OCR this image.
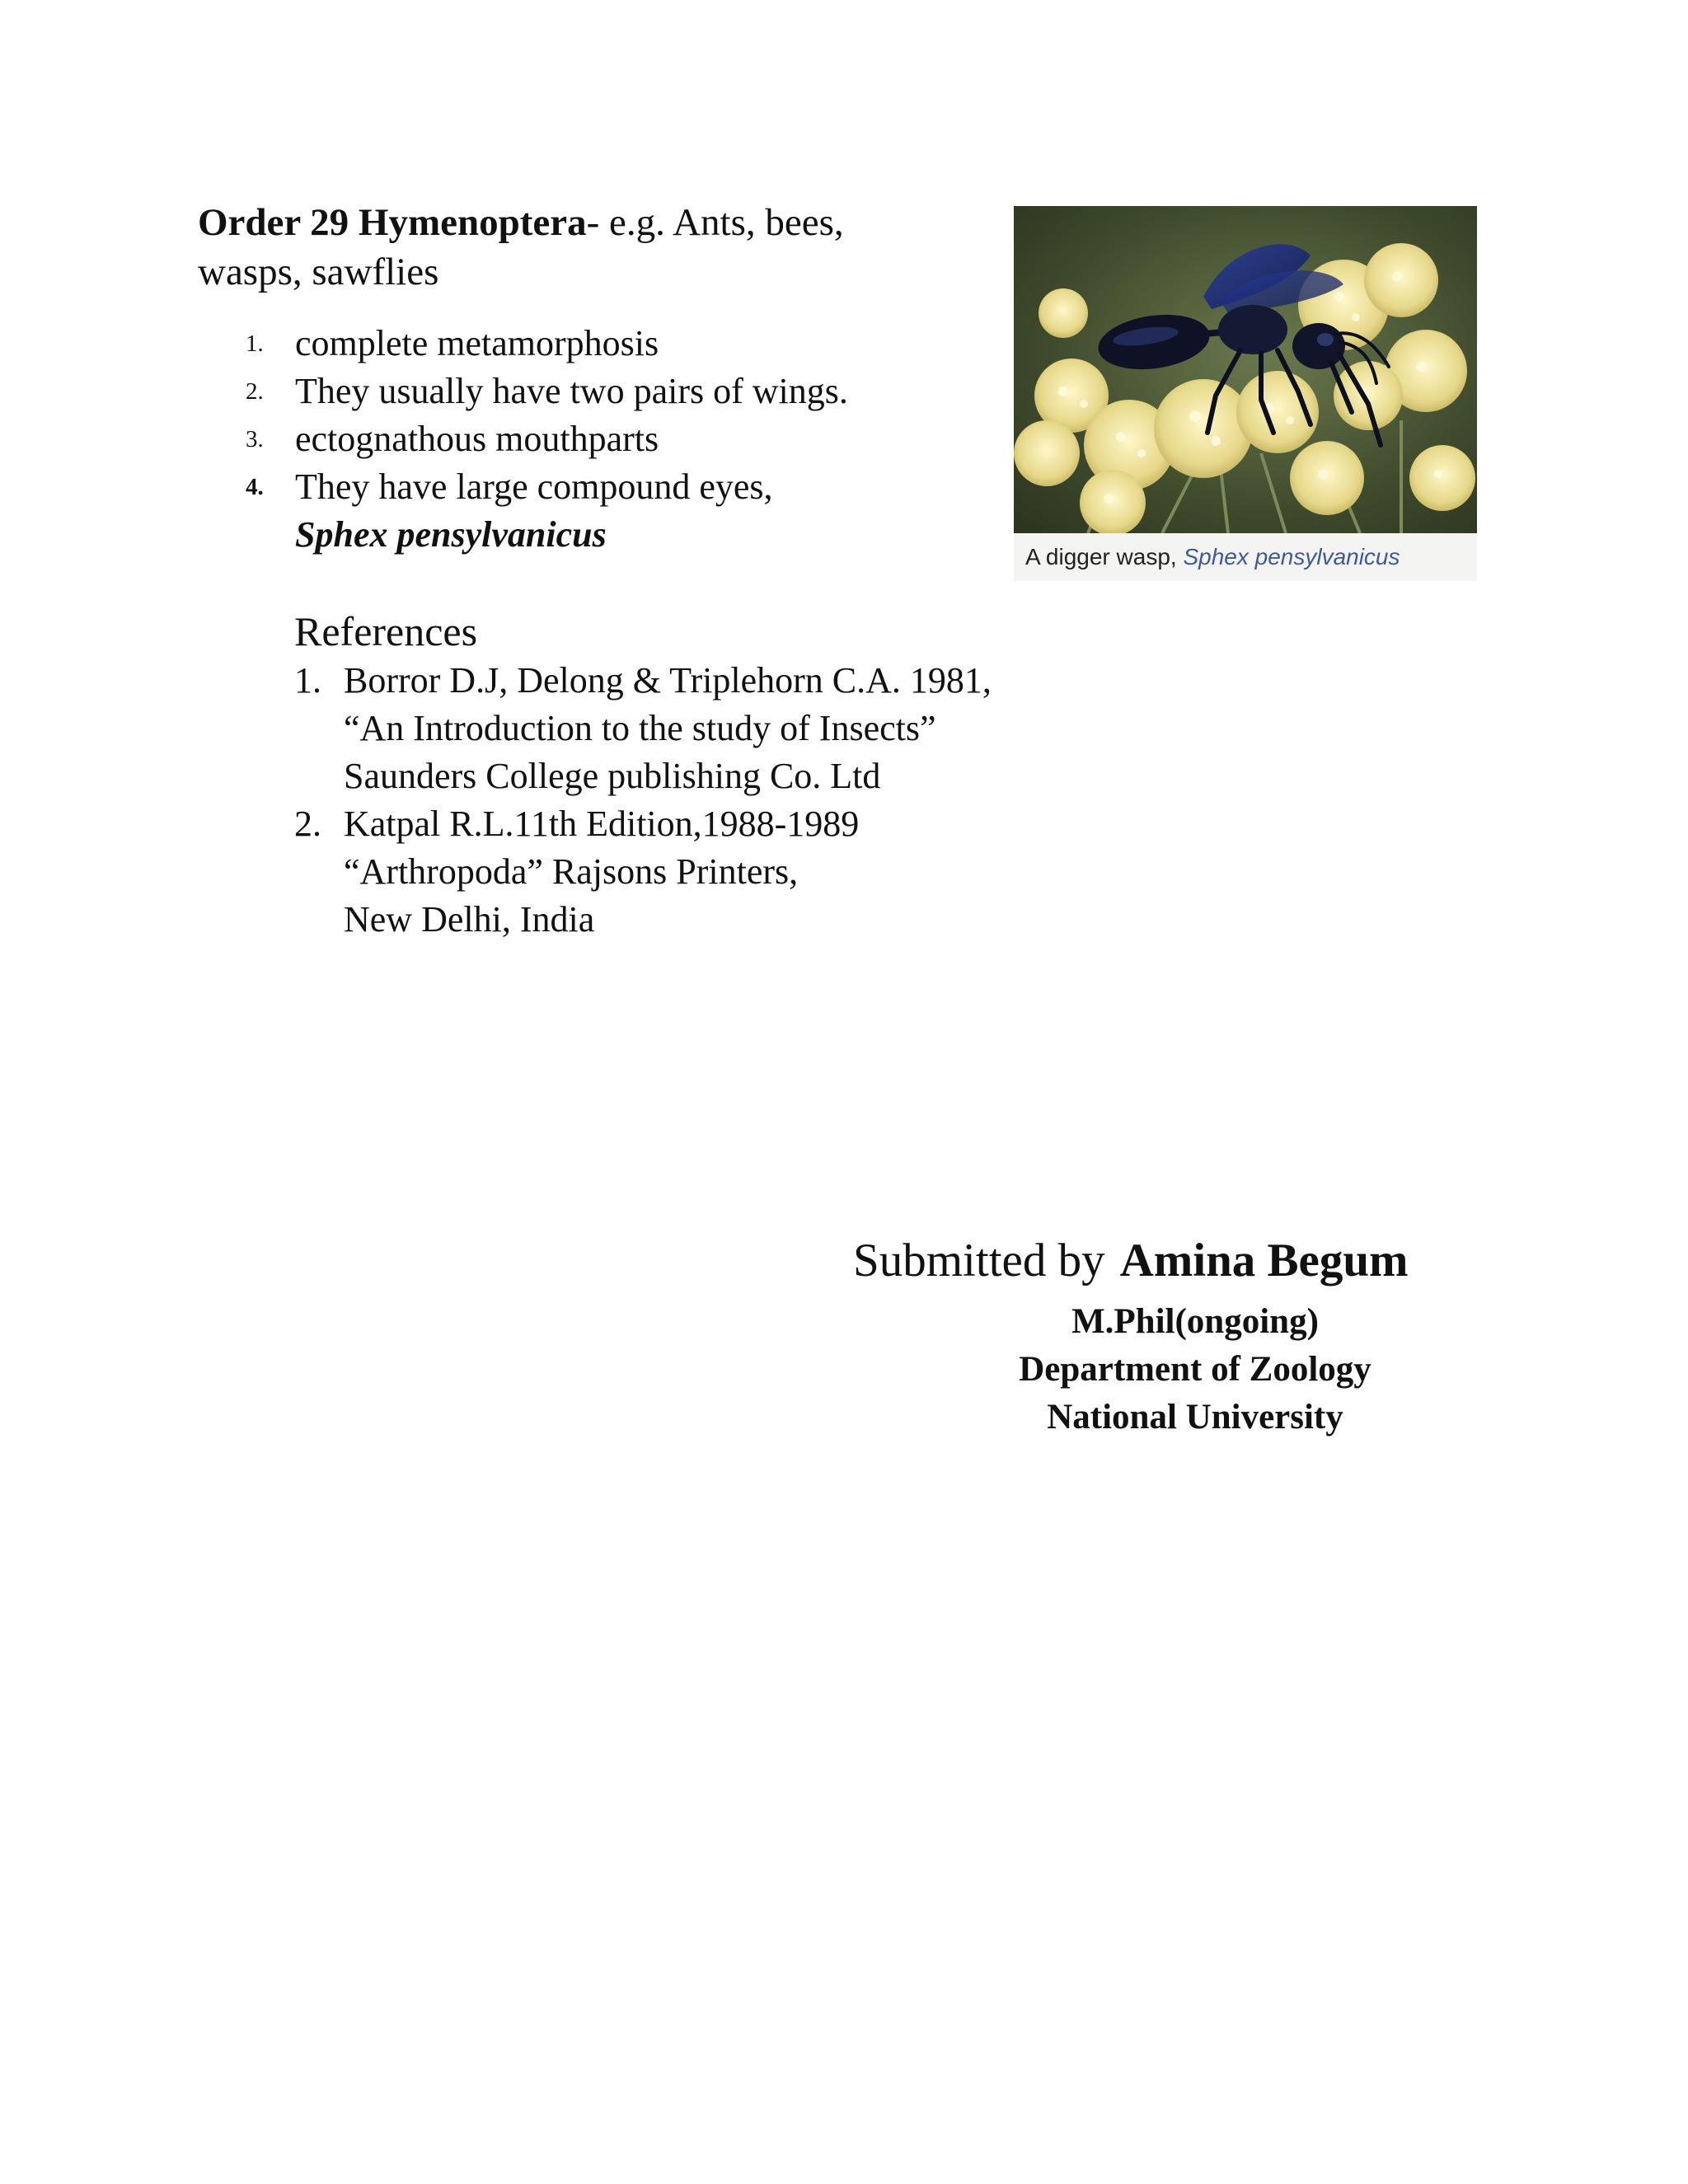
Order 29 Hymenoptera- e.g. Ants, bees, wasps, sawflies
1. complete metamorphosis
2. They usually have two pairs of wings.
3. ectognathous mouthparts
4. They have large compound eyes,
Sphex pensylvanicus
A digger wasp, Sphex pensylvanicus
References
1. Borror D.J, Delong & Triplehorn C.A. 1981,
“An Introduction to the study of Insects”
Saunders College publishing Co. Ltd
2. Katpal R.L.11th Edition,1988-1989
“Arthropoda” Rajsons Printers,
New Delhi, India
Submitted by Amina Begum
M.Phil(ongoing)
Department of Zoology
National University
